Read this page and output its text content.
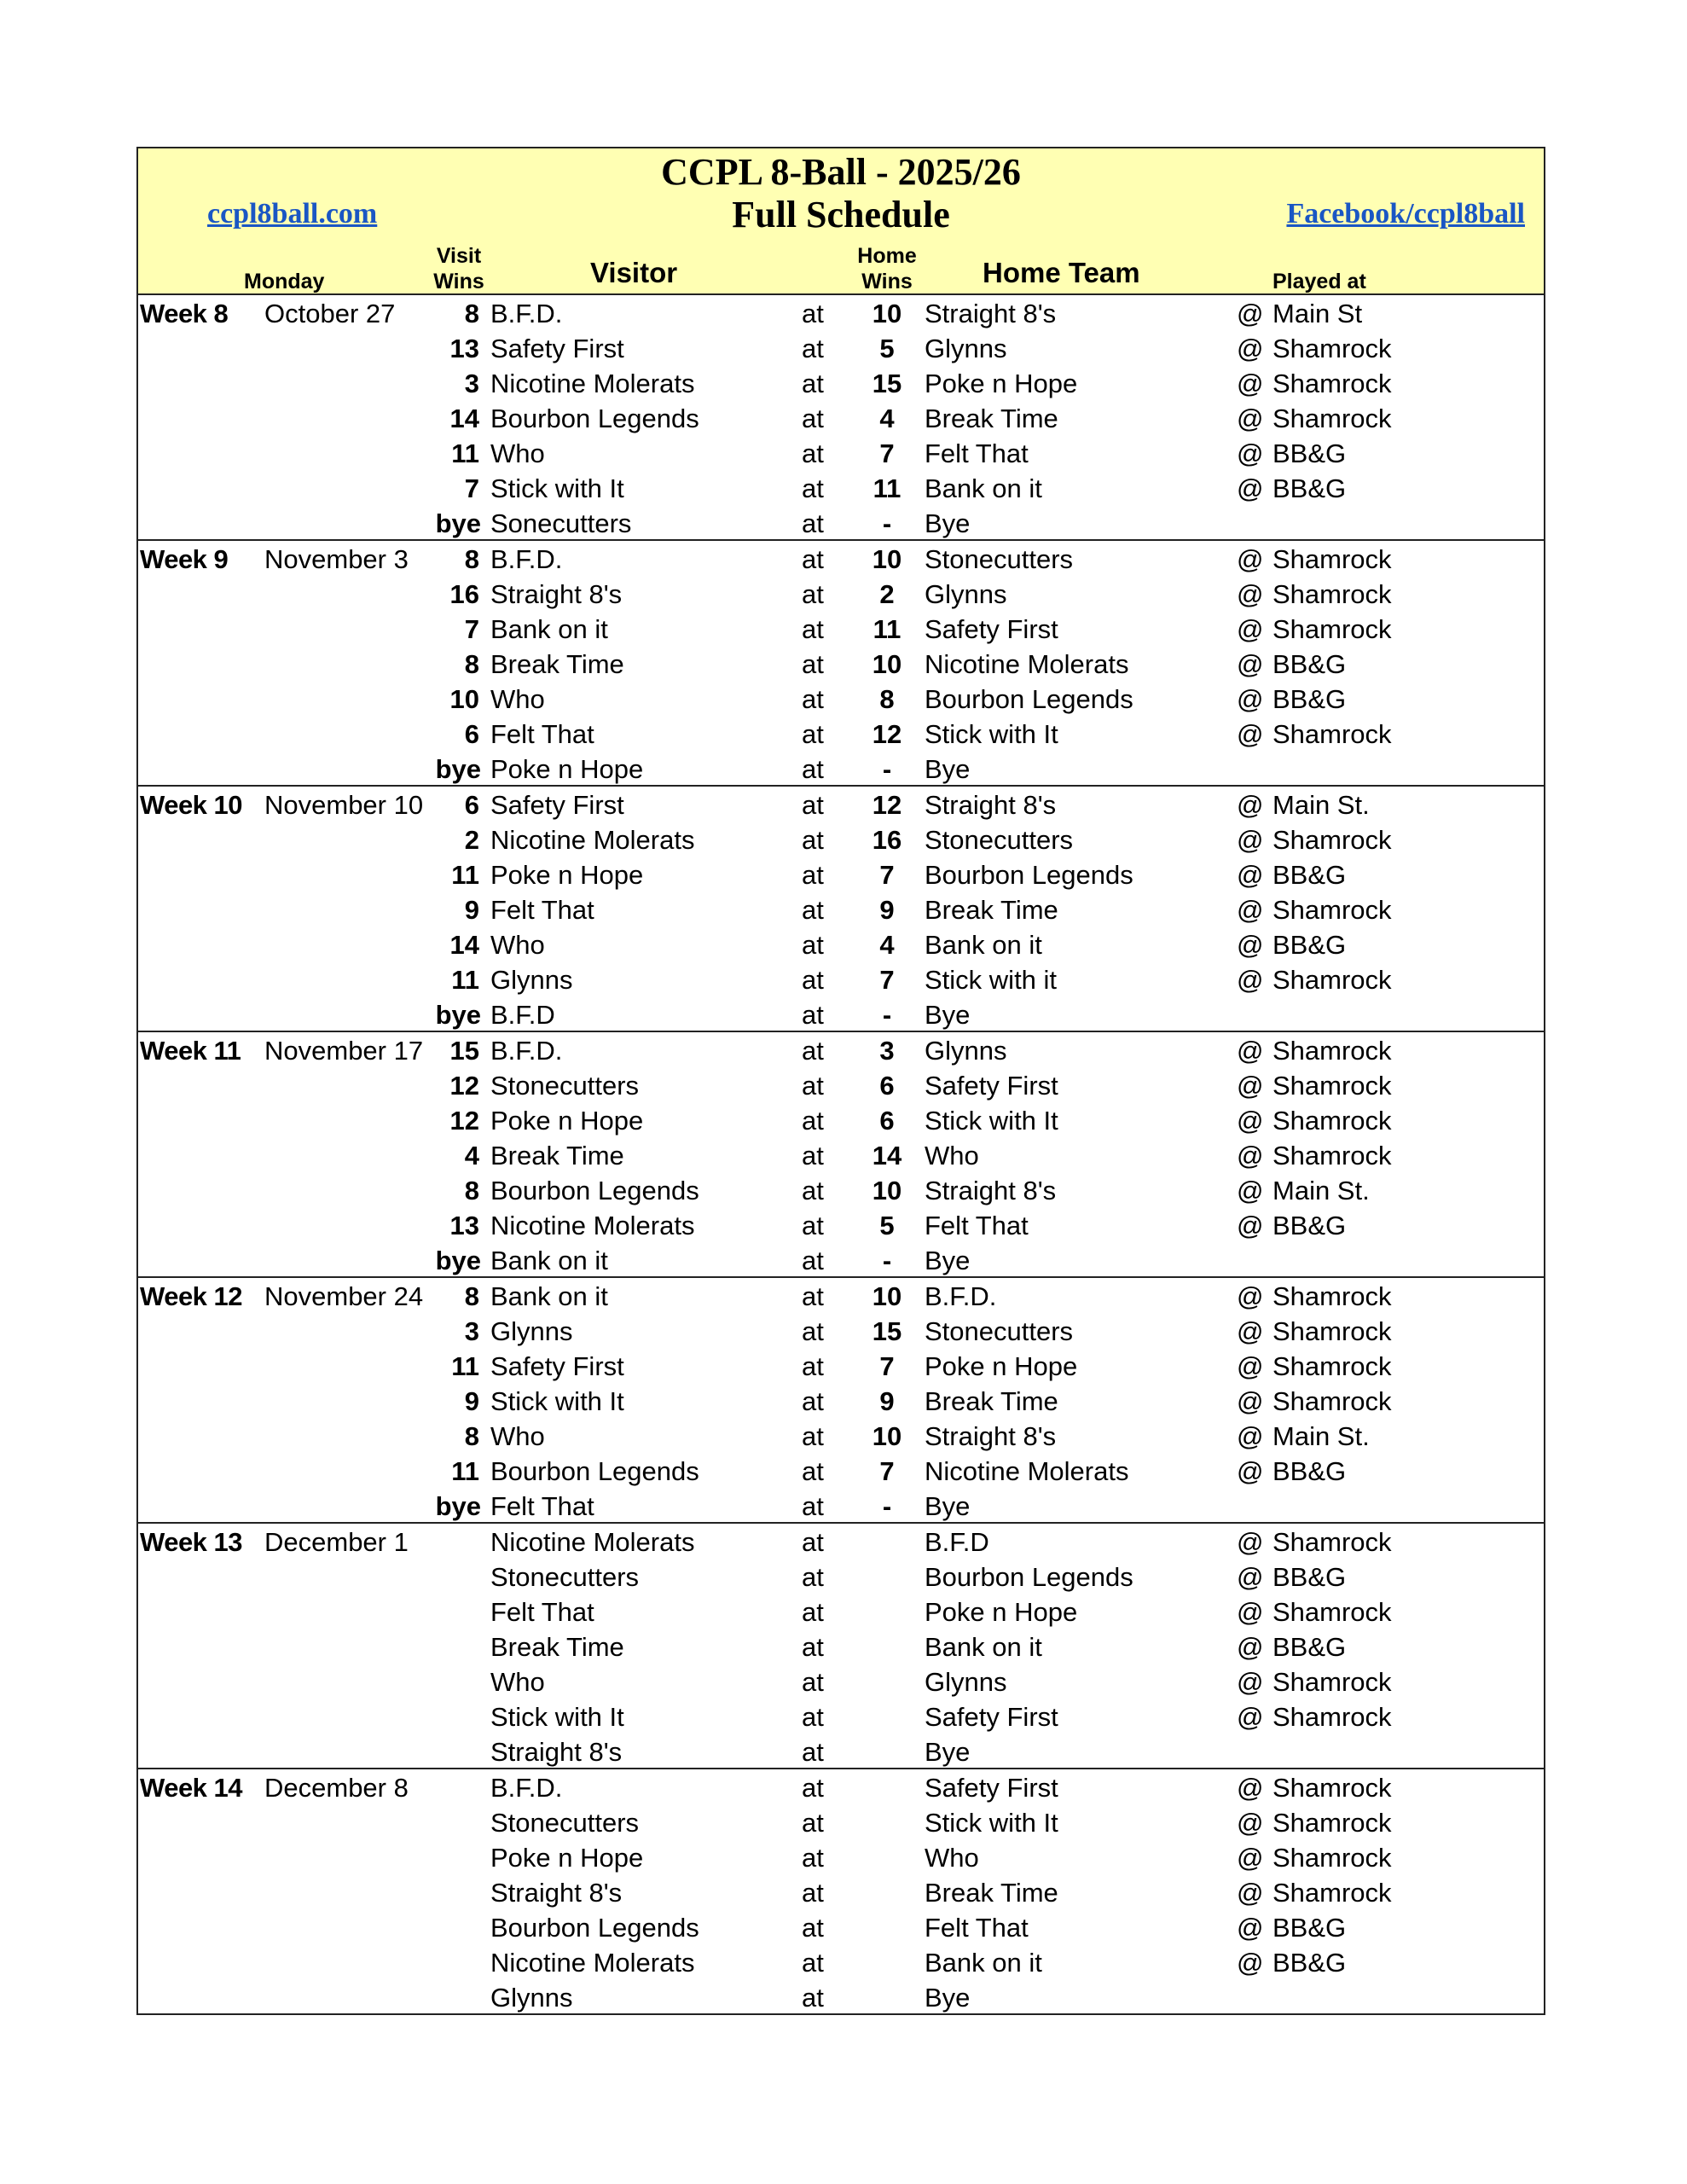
CCPL 8-Ball - 2025/26
Full Schedule
ccpl8ball.com	Facebook/ccpl8ball
Monday
Visit
Wins	Visitor
Home
Wins Home Team	Played at
Week 8 October 27	8 B.F.D.	at	10 Straight 8's	@ Main St
13 Safety First	at	5	Glynns	@ Shamrock
3 Nicotine Molerats	at	15 Poke n Hope	@ Shamrock
14 Bourbon Legends	at	4	Break Time	@ Shamrock
11 Who	at	7	Felt That	@ BB&G
7 Stick with It	at	11 Bank on it	@ BB&G
bye Sonecutters	at	-	Bye
Week 9 November 3	8 B.F.D.	at	10 Stonecutters	@ Shamrock
16 Straight 8's	at	2	Glynns	@ Shamrock
7 Bank on it	at	11 Safety First	@ Shamrock
8 Break Time	at	10 Nicotine Molerats	@ BB&G
10 Who	at	8	Bourbon Legends	@ BB&G
6 Felt That	at	12 Stick with It	@ Shamrock
bye Poke n Hope	at	-	Bye
Week 10 November 10	6 Safety First	at	12 Straight 8's	@ Main St.
2 Nicotine Molerats	at	16 Stonecutters	@ Shamrock
11 Poke n Hope	at	7	Bourbon Legends	@ BB&G
9 Felt That	at	9	Break Time	@ Shamrock
14 Who	at	4	Bank on it	@ BB&G
11 Glynns	at	7	Stick with it	@ Shamrock
bye B.F.D	at	-	Bye
Week 11 November 17	15 B.F.D.	at	3	Glynns	@ Shamrock
12 Stonecutters	at	6	Safety First	@ Shamrock
12 Poke n Hope	at	6	Stick with It	@ Shamrock
4 Break Time	at	14 Who	@ Shamrock
8 Bourbon Legends	at	10 Straight 8's	@ Main St.
13 Nicotine Molerats	at	5	Felt That	@ BB&G
bye Bank on it	at	-	Bye
Week 12 November 24	8 Bank on it	at	10 B.F.D.	@ Shamrock
3 Glynns	at	15 Stonecutters	@ Shamrock
11 Safety First	at	7	Poke n Hope	@ Shamrock
9 Stick with It	at	9	Break Time	@ Shamrock
8 Who	at	10 Straight 8's	@ Main St.
11 Bourbon Legends	at	7	Nicotine Molerats	@ BB&G
bye Felt That	at	-	Bye
Week 13 December 1	Nicotine Molerats	at	B.F.D	@ Shamrock
Stonecutters	at	Bourbon Legends	@ BB&G
Felt That	at	Poke n Hope	@ Shamrock
Break Time	at	Bank on it	@ BB&G
Who	at	Glynns	@ Shamrock
Stick with It	at	Safety First	@ Shamrock
Straight 8's	at	Bye
Week 14 December 8	B.F.D.	at	Safety First	@ Shamrock
Stonecutters	at	Stick with It	@ Shamrock
Poke n Hope	at	Who	@ Shamrock
Straight 8's	at	Break Time	@ Shamrock
Bourbon Legends	at	Felt That	@ BB&G
Nicotine Molerats	at	Bank on it	@ BB&G
Glynns	at	Bye
